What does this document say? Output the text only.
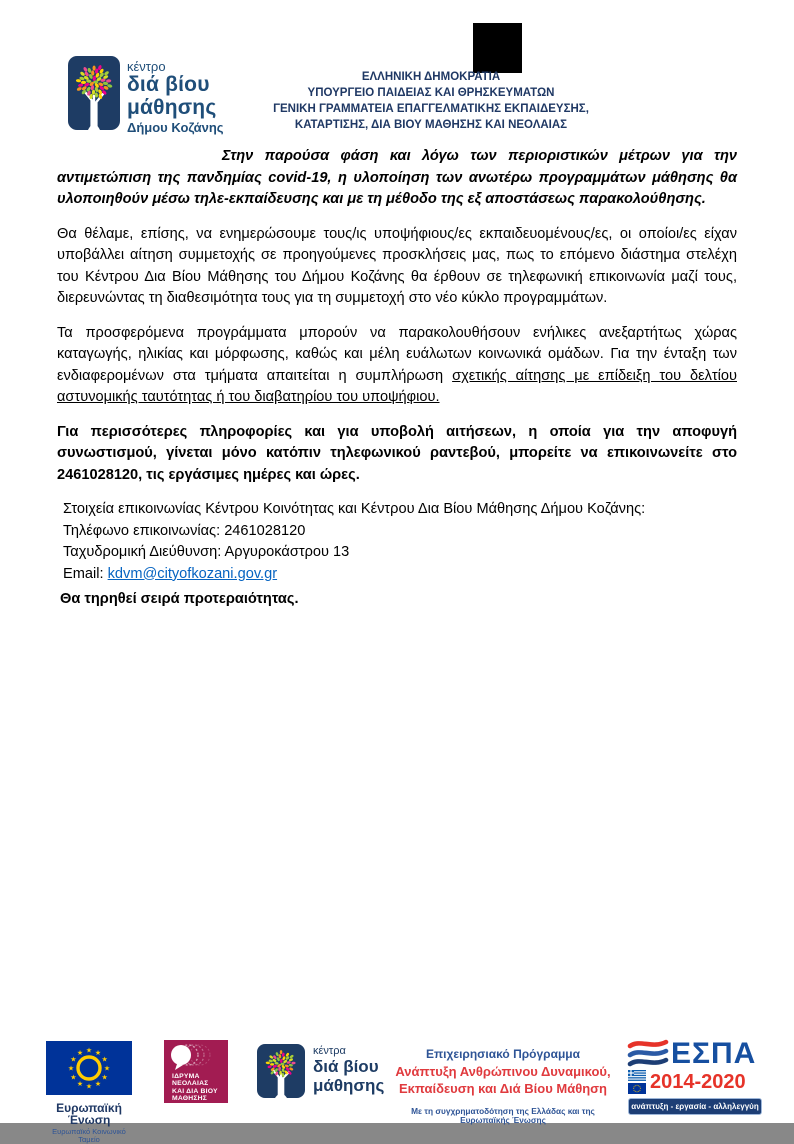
κέντρο
διά βίου
μάθησης
Δήμου Κοζάνης
ΕΛΛΗΝΙΚΗ ΔΗΜΟΚΡΑΤΙΑ
ΥΠΟΥΡΓΕΙΟ ΠΑΙΔΕΙΑΣ ΚΑΙ ΘΡΗΣΚΕΥΜΑΤΩΝ
ΓΕΝΙΚΗ ΓΡΑΜΜΑΤΕΙΑ ΕΠΑΓΓΕΛΜΑΤΙΚΗΣ ΕΚΠΑΙΔΕΥΣΗΣ,
ΚΑΤΑΡΤΙΣΗΣ, ΔΙΑ ΒΙΟΥ ΜΑΘΗΣΗΣ ΚΑΙ ΝΕΟΛΑΙΑΣ

Στην παρούσα φάση και λόγω των περιοριστικών μέτρων για την αντιμετώπιση της πανδημίας covid-19, η υλοποίηση των ανωτέρω προγραμμάτων μάθησης θα υλοποιηθούν μέσω τηλε-εκπαίδευσης και με τη μέθοδο της εξ αποστάσεως παρακολούθησης.

Θα θέλαμε, επίσης, να ενημερώσουμε τους/ις υποψήφιους/ες εκπαιδευομένους/ες, οι οποίοι/ες είχαν υποβάλλει αίτηση συμμετοχής σε προηγούμενες προσκλήσεις μας, πως το επόμενο διάστημα στελέχη του Κέντρου Δια Βίου Μάθησης του Δήμου Κοζάνης θα έρθουν σε τηλεφωνική επικοινωνία μαζί τους, διερευνώντας τη διαθεσιμότητα τους για τη συμμετοχή στο νέο κύκλο προγραμμάτων.

Τα προσφερόμενα προγράμματα μπορούν να παρακολουθήσουν ενήλικες ανεξαρτήτως χώρας καταγωγής, ηλικίας και μόρφωσης, καθώς και μέλη ευάλωτων κοινωνικά ομάδων. Για την ένταξη των ενδιαφερομένων στα τμήματα απαιτείται η συμπλήρωση σχετικής αίτησης με επίδειξη του δελτίου αστυνομικής ταυτότητας ή του διαβατηρίου του υποψήφιου.

Για περισσότερες πληροφορίες και για υποβολή αιτήσεων, η οποία για την αποφυγή συνωστισμού, γίνεται μόνο κατόπιν τηλεφωνικού ραντεβού, μπορείτε να επικοινωνείτε στο 2461028120, τις εργάσιμες ημέρες και ώρες.

Στοιχεία επικοινωνίας Κέντρου Κοινότητας και Κέντρου Δια Βίου Μάθησης Δήμου Κοζάνης:
Τηλέφωνο επικοινωνίας: 2461028120
Ταχυδρομική Διεύθυνση: Αργυροκάστρου 13
Email: kdvm@cityofkozani.gov.gr
Θα τηρηθεί σειρά προτεραιότητας.
★ ★
★
★
★
★
★
★
★
★
★
★
Ευρωπαϊκή Ένωση
Ευρωπαϊκό Κοινωνικό Ταμείο
ΙΔΡΥΜΑ
ΝΕΟΛΑΙΑΣ
ΚΑΙ ΔΙΑ ΒΙΟΥ
ΜΑΘΗΣΗΣ
κέντρα
διά βίου
μάθησης
Επιχειρησιακό Πρόγραμμα
Ανάπτυξη Ανθρώπινου Δυναμικού,
Εκπαίδευση και Διά Βίου Μάθηση
Με τη συγχρηματοδότηση της Ελλάδας και της Ευρωπαϊκής Ένωσης
ΕΣΠΑ
★ ★
★
★
★
★
★
★
★
★
★
★ 2014-2020
ανάπτυξη - εργασία - αλληλεγγύη
